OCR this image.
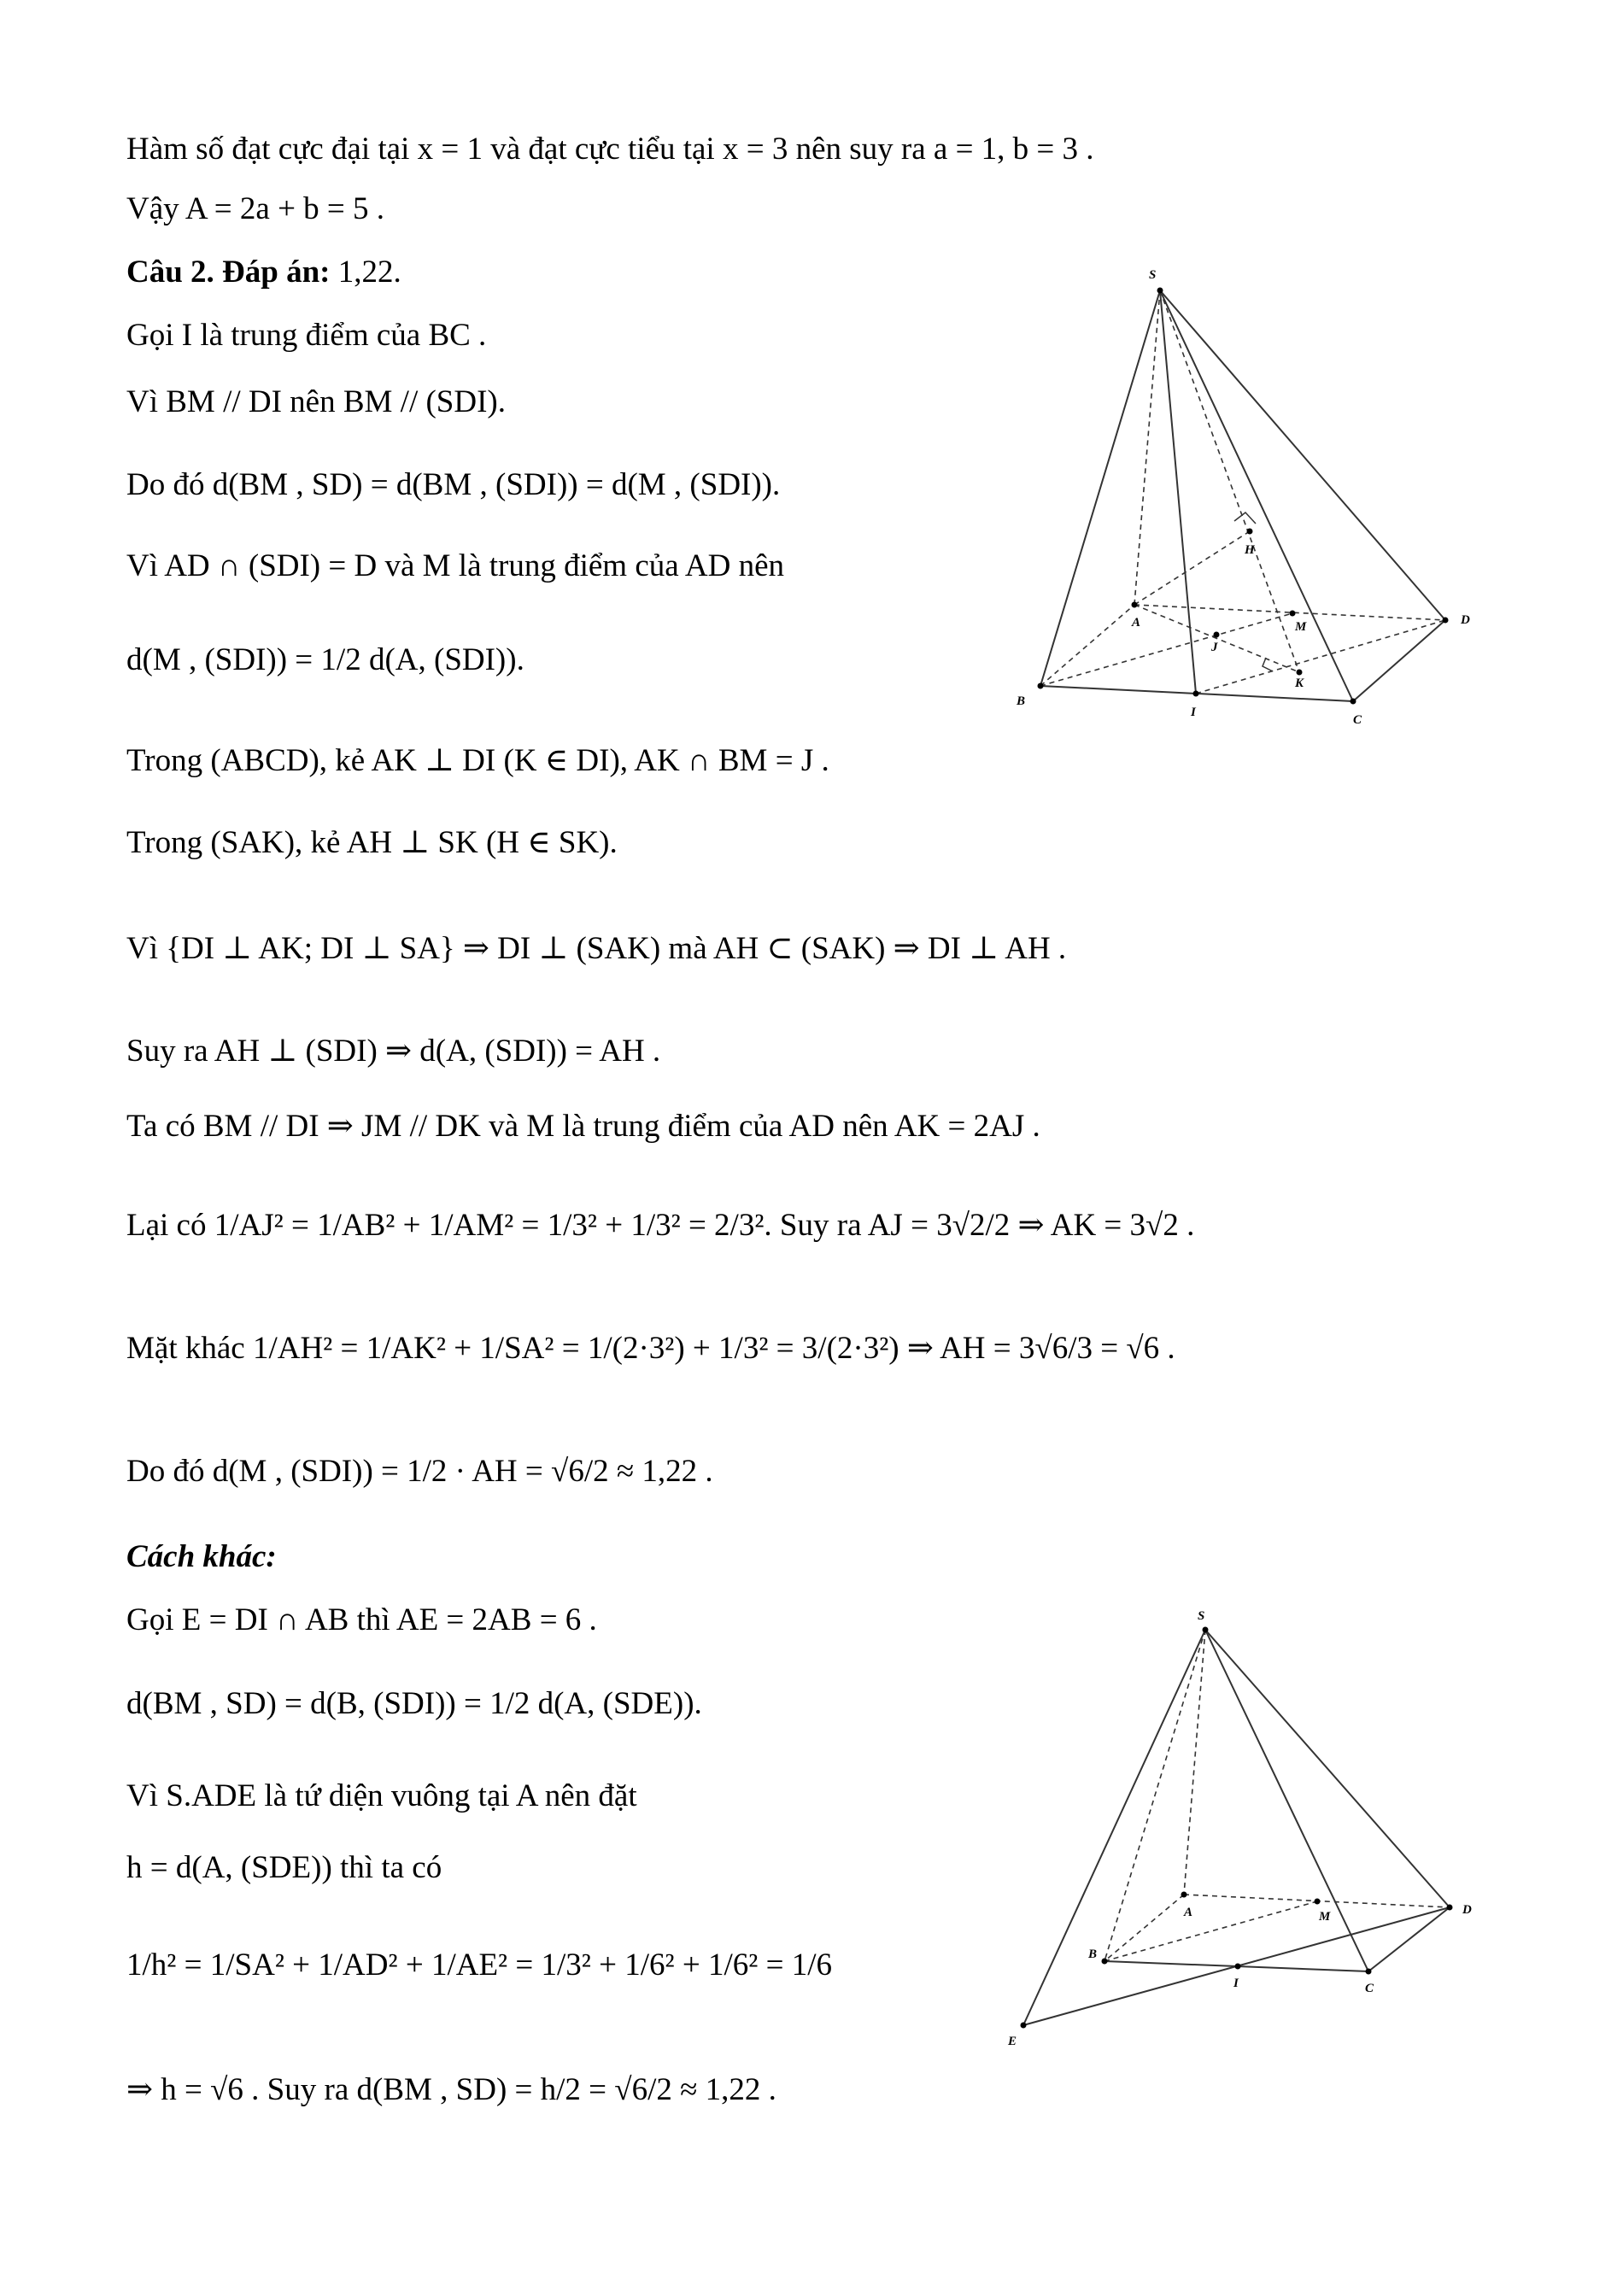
Hàm số đạt cực đại tại x = 1 và đạt cực tiểu tại x = 3 nên suy ra a = 1, b = 3 .
Vậy A = 2a + b = 5 .
Câu 2. Đáp án: 1,22.
Gọi I là trung điểm của BC .
Vì BM // DI nên BM // (SDI).
Do đó d(BM , SD) = d(BM , (SDI)) = d(M , (SDI)).
Vì AD ∩ (SDI) = D và M là trung điểm của AD nên
d(M , (SDI)) = 1/2 d(A, (SDI)).
Trong (ABCD), kẻ AK ⊥ DI (K ∈ DI), AK ∩ BM = J .
Trong (SAK), kẻ AH ⊥ SK (H ∈ SK).
Vì {DI ⊥ AK; DI ⊥ SA} ⇒ DI ⊥ (SAK) mà AH ⊂ (SAK) ⇒ DI ⊥ AH .
Suy ra AH ⊥ (SDI) ⇒ d(A, (SDI)) = AH .
Ta có BM // DI ⇒ JM // DK và M là trung điểm của AD nên AK = 2AJ .
Lại có 1/AJ² = 1/AB² + 1/AM² = 1/3² + 1/3² = 2/3². Suy ra AJ = 3√2/2 ⇒ AK = 3√2 .
Mặt khác 1/AH² = 1/AK² + 1/SA² = 1/(2·3²) + 1/3² = 3/(2·3²) ⇒ AH = 3√6/3 = √6 .
Do đó d(M , (SDI)) = 1/2 · AH = √6/2 ≈ 1,22 .
Cách khác:
Gọi E = DI ∩ AB thì AE = 2AB = 6 .
d(BM , SD) = d(B, (SDI)) = 1/2 d(A, (SDE)).
Vì S.ADE là tứ diện vuông tại A nên đặt
h = d(A, (SDE)) thì ta có
1/h² = 1/SA² + 1/AD² + 1/AE² = 1/3² + 1/6² + 1/6² = 1/6
⇒ h = √6 . Suy ra d(BM , SD) = h/2 = √6/2 ≈ 1,22 .
S
H
A	M	D
J
K
B
I
C
S
A	M	D
B
I	C
E
